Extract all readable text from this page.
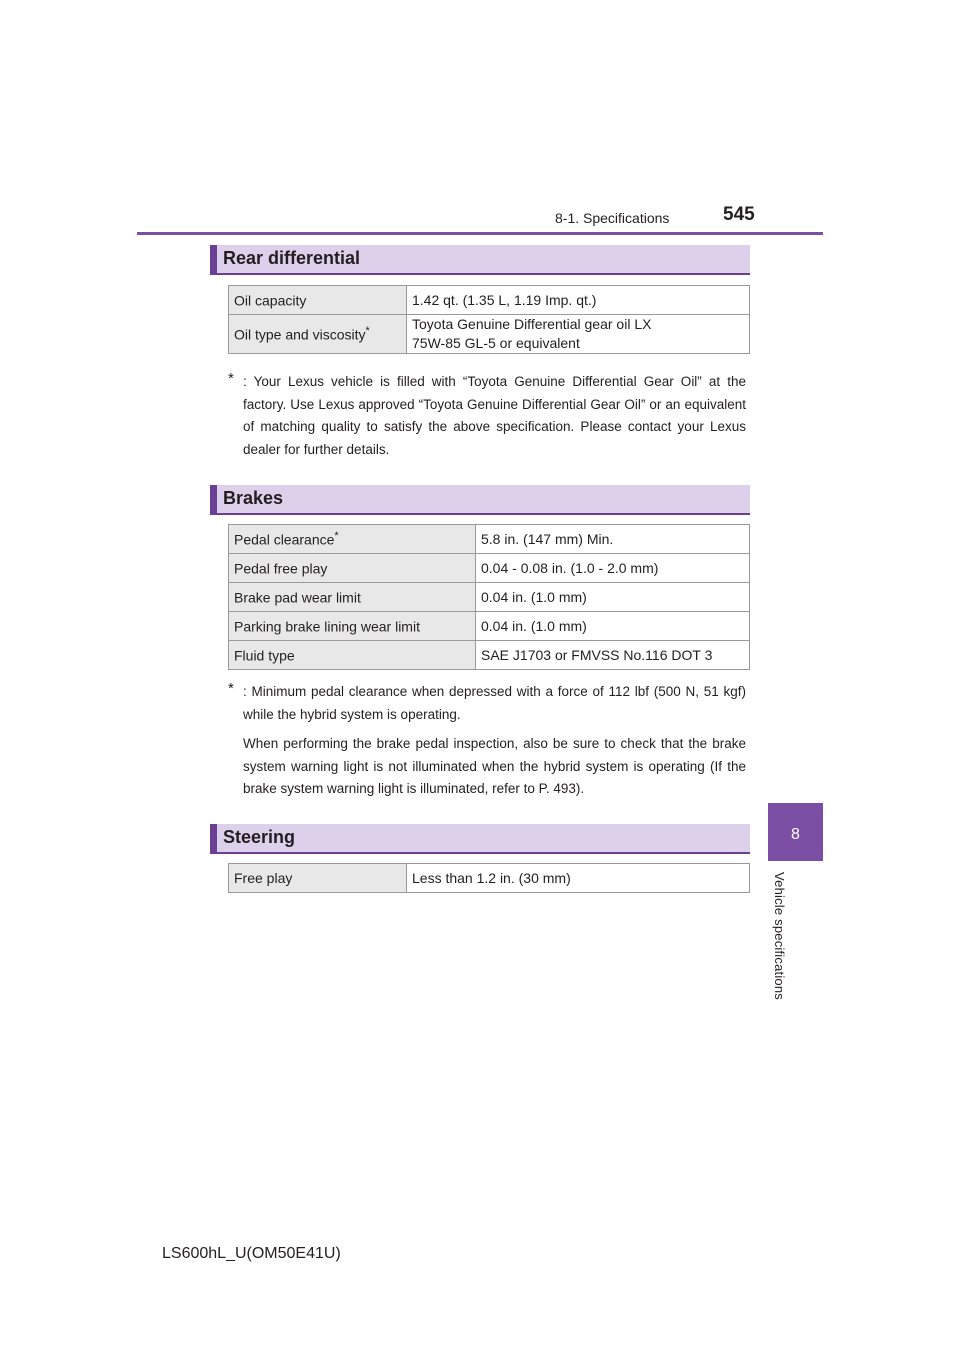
8-1. Specifications	545
8
Vehicle specifications
Rear differential
Oil capacity	1.42 qt. (1.35 L, 1.19 Imp. qt.)
Oil type and viscosity*	Toyota Genuine Differential gear oil LX
75W-85 GL-5 or equivalent
* : Your Lexus vehicle is filled with “Toyota Genuine Differential Gear Oil” at the factory. Use Lexus approved “Toyota Genuine Differential Gear Oil” or an equivalent of matching quality to satisfy the above specification. Please contact your Lexus dealer for further details.
Brakes
Pedal clearance*	5.8 in. (147 mm) Min.
Pedal free play	0.04 - 0.08 in. (1.0 - 2.0 mm)
Brake pad wear limit	0.04 in. (1.0 mm)
Parking brake lining wear limit	0.04 in. (1.0 mm)
Fluid type	SAE J1703 or FMVSS No.116 DOT 3
* : Minimum pedal clearance when depressed with a force of 112 lbf (500 N, 51 kgf) while the hybrid system is operating.
When performing the brake pedal inspection, also be sure to check that the brake system warning light is not illuminated when the hybrid system is operating (If the brake system warning light is illuminated, refer to P. 493).
Steering
Free play	Less than 1.2 in. (30 mm)
LS600hL_U(OM50E41U)
